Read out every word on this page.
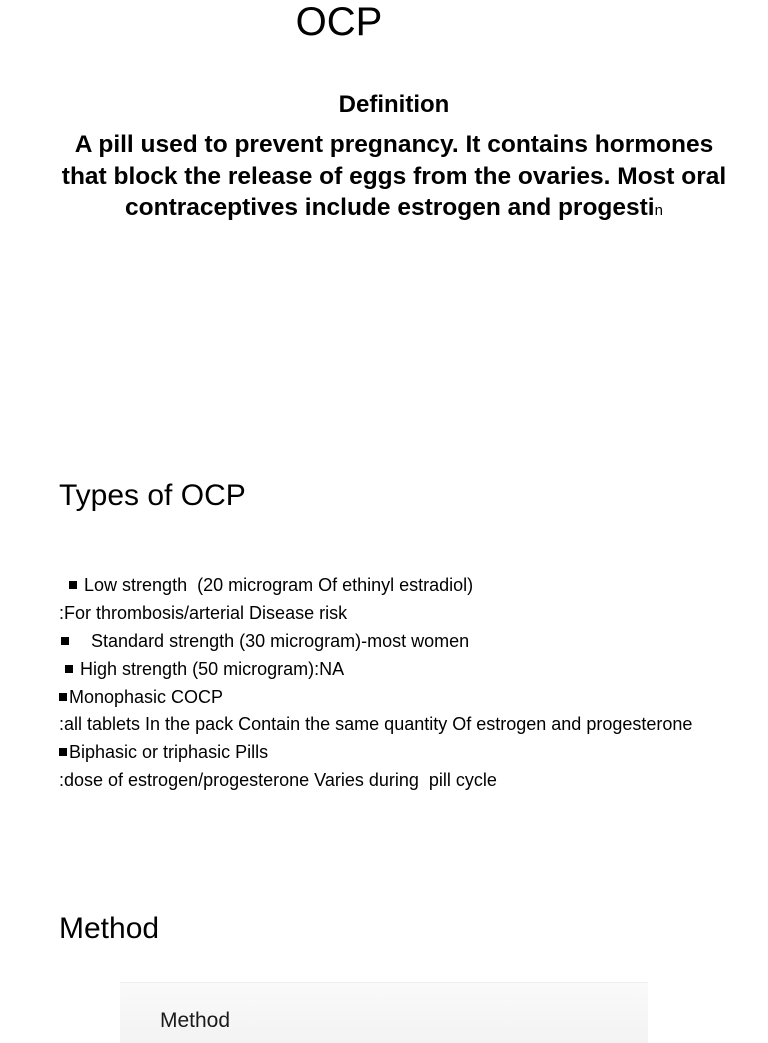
OCP
Definition

A pill used to prevent pregnancy. It contains hormones that block the release of eggs from the ovaries. Most oral contraceptives include estrogen and progestin

Types of OCP
Low strength  (20 microgram Of ethinyl estradiol)
:For thrombosis/arterial Disease risk
Standard strength (30 microgram)-most women
High strength (50 microgram):NA
Monophasic COCP
:all tablets In the pack Contain the same quantity Of estrogen and progesterone
Biphasic or triphasic Pills
:dose of estrogen/progesterone Varies during  pill cycle
Method
Method
